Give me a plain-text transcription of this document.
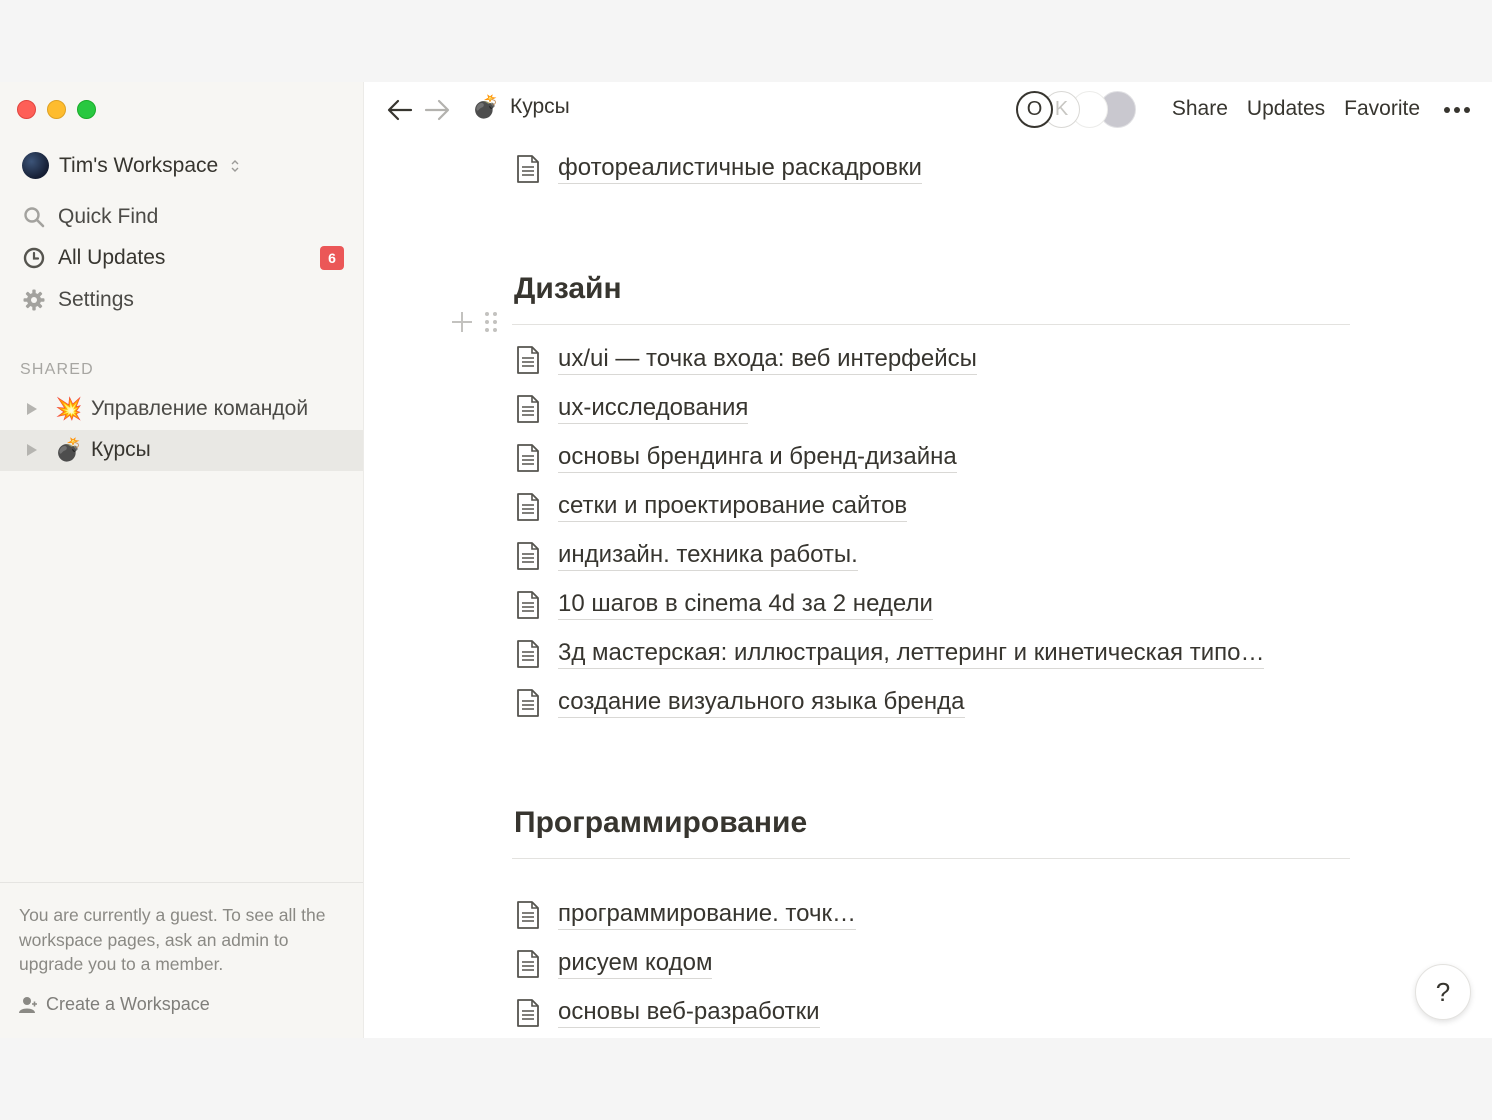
Tim's Workspace
Quick Find
All Updates	6
Settings
SHARED
💥 Управление командой
💣 Курсы
You are currently a guest. To see all the workspace pages, ask an admin to upgrade you to a member.
Create a Workspace
фотореалистичные раскадровки
Дизайн
ux/ui — точка входа: веб интерфейсы
ux-исследования
основы брендинга и бренд-дизайна
сетки и проектирование сайтов
индизайн. техника работы.
10 шагов в cinema 4d за 2 недели
3д мастерская: иллюстрация, леттеринг и кинетическая типо…
создание визуального языка бренда
Программирование
программирование. точк…
рисуем кодом
основы веб-разработки
💣 Курсы	O K	Share Updates Favorite
?
